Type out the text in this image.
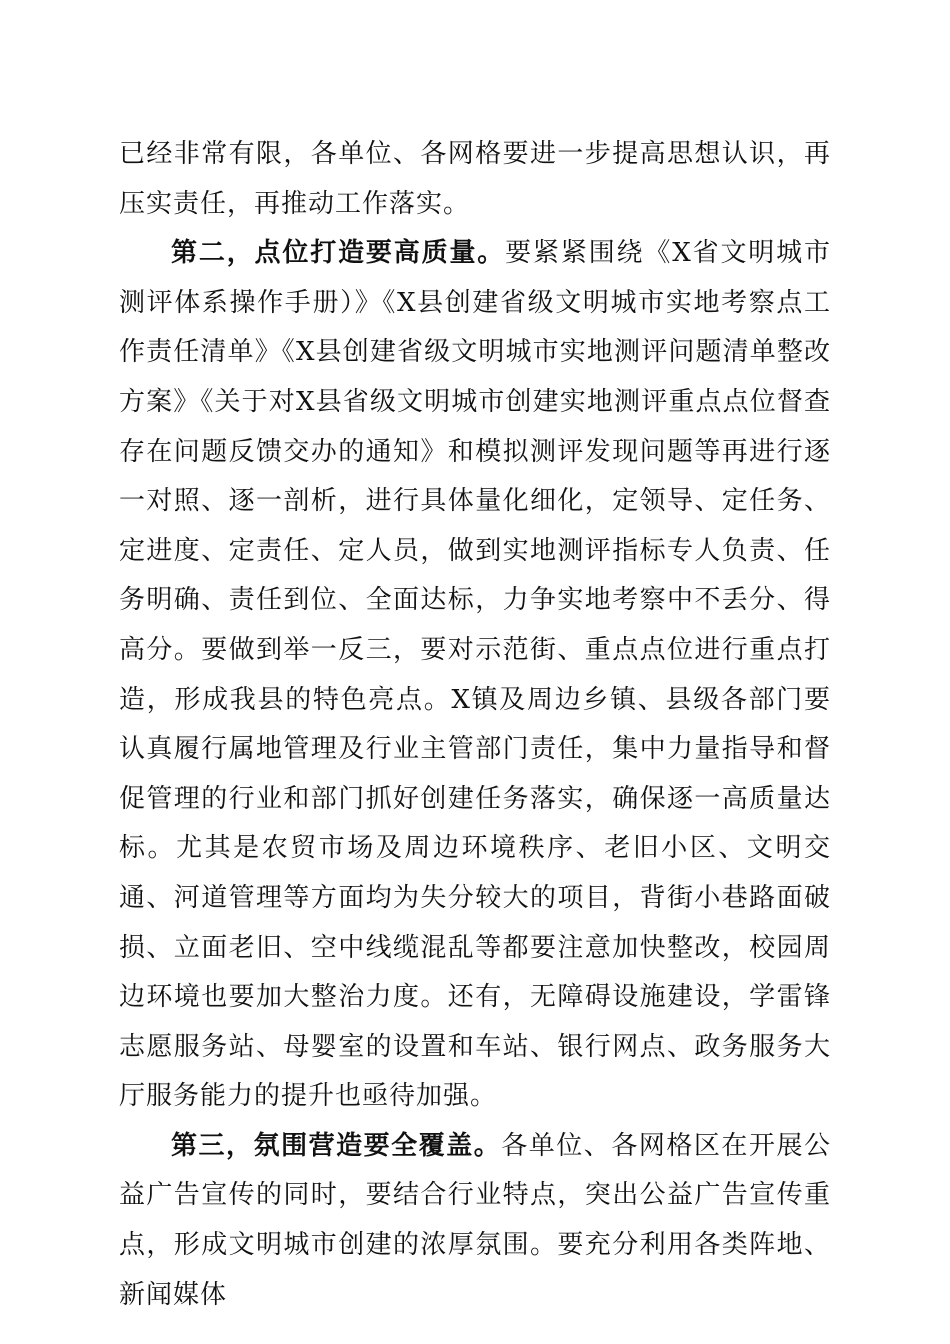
已经非常有限，各单位、各网格要进一步提高思想认识，再压实责任，再推动工作落实。

第二，点位打造要高质量。要紧紧围绕《X省文明城市测评体系操作手册）》《X县创建省级文明城市实地考察点工作责任清单》《X县创建省级文明城市实地测评问题清单整改方案》《关于对X县省级文明城市创建实地测评重点点位督查存在问题反馈交办的通知》和模拟测评发现问题等再进行逐一对照、逐一剖析，进行具体量化细化，定领导、定任务、定进度、定责任、定人员，做到实地测评指标专人负责、任务明确、责任到位、全面达标，力争实地考察中不丢分、得高分。要做到举一反三，要对示范街、重点点位进行重点打造，形成我县的特色亮点。X镇及周边乡镇、县级各部门要认真履行属地管理及行业主管部门责任，集中力量指导和督促管理的行业和部门抓好创建任务落实，确保逐一高质量达标。尤其是农贸市场及周边环境秩序、老旧小区、文明交通、河道管理等方面均为失分较大的项目，背街小巷路面破损、立面老旧、空中线缆混乱等都要注意加快整改，校园周边环境也要加大整治力度。还有，无障碍设施建设，学雷锋志愿服务站、母婴室的设置和车站、银行网点、政务服务大厅服务能力的提升也亟待加强。

第三，氛围营造要全覆盖。各单位、各网格区在开展公益广告宣传的同时，要结合行业特点，突出公益广告宣传重点，形成文明城市创建的浓厚氛围。要充分利用各类阵地、新闻媒体
